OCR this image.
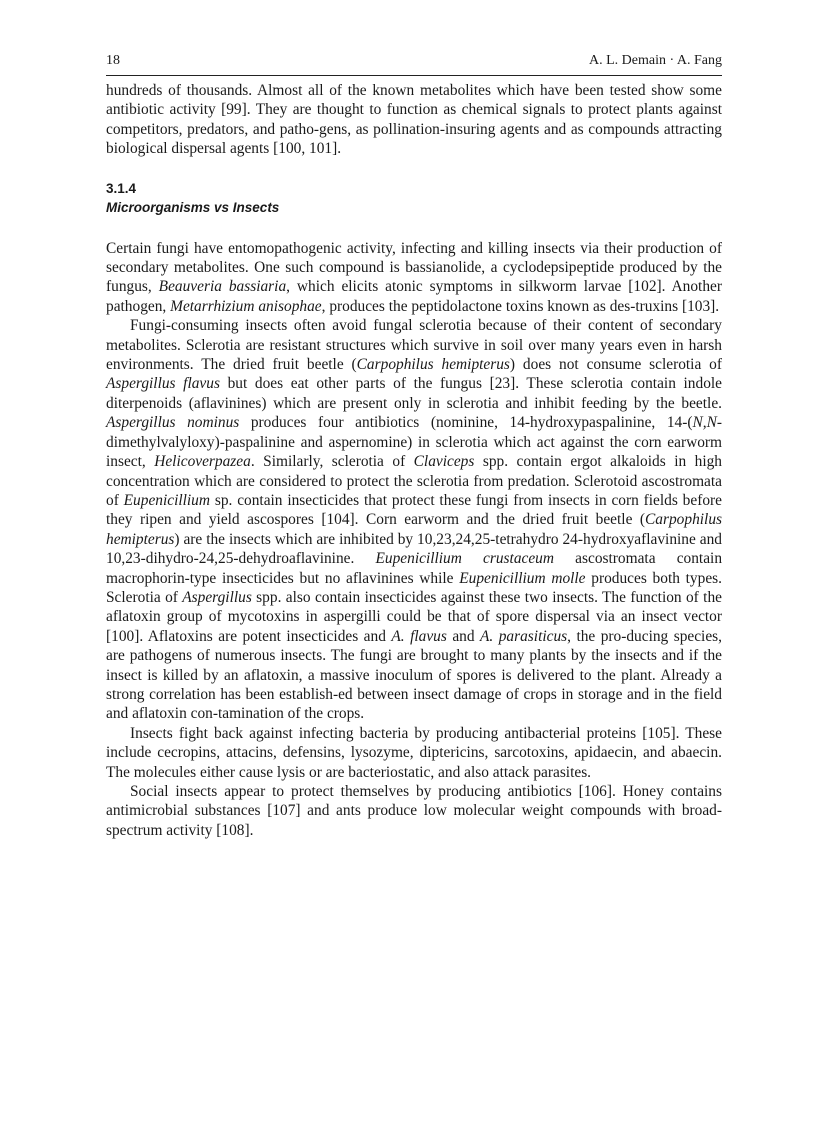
18	A. L. Demain · A. Fang

hundreds of thousands. Almost all of the known metabolites which have been tested show some antibiotic activity [99]. They are thought to function as chemical signals to protect plants against competitors, predators, and patho-gens, as pollination-insuring agents and as compounds attracting biological dispersal agents [100, 101].

3.1.4
Microorganisms vs Insects

Certain fungi have entomopathogenic activity, infecting and killing insects via their production of secondary metabolites. One such compound is bassianolide, a cyclodepsipeptide produced by the fungus, Beauveria bassiaria, which elicits atonic symptoms in silkworm larvae [102]. Another pathogen, Metarrhizium anisophae, produces the peptidolactone toxins known as des-truxins [103].

Fungi-consuming insects often avoid fungal sclerotia because of their content of secondary metabolites. Sclerotia are resistant structures which survive in soil over many years even in harsh environments. The dried fruit beetle (Carpophilus hemipterus) does not consume sclerotia of Aspergillus flavus but does eat other parts of the fungus [23]. These sclerotia contain indole diterpenoids (aflavinines) which are present only in sclerotia and inhibit feeding by the beetle. Aspergillus nominus produces four antibiotics (nominine, 14-hydroxypaspalinine, 14-(N,N-dimethylvalyloxy)-paspalinine and aspernomine) in sclerotia which act against the corn earworm insect, Helicoverpazea. Similarly, sclerotia of Claviceps spp. contain ergot alkaloids in high concentration which are considered to protect the sclerotia from predation. Sclerotoid ascostromata of Eupenicillium sp. contain insecticides that protect these fungi from insects in corn fields before they ripen and yield ascospores [104]. Corn earworm and the dried fruit beetle (Carpophilus hemipterus) are the insects which are inhibited by 10,23,24,25-tetrahydro 24-hydroxyaflavinine and 10,23-dihydro-24,25-dehydroaflavinine. Eupenicillium crustaceum ascostromata contain macrophorin-type insecticides but no aflavinines while Eupenicillium molle produces both types. Sclerotia of Aspergillus spp. also contain insecticides against these two insects. The function of the aflatoxin group of mycotoxins in aspergilli could be that of spore dispersal via an insect vector [100]. Aflatoxins are potent insecticides and A. flavus and A. parasiticus, the pro-ducing species, are pathogens of numerous insects. The fungi are brought to many plants by the insects and if the insect is killed by an aflatoxin, a massive inoculum of spores is delivered to the plant. Already a strong correlation has been establish-ed between insect damage of crops in storage and in the field and aflatoxin con-tamination of the crops.

Insects fight back against infecting bacteria by producing antibacterial proteins [105]. These include cecropins, attacins, defensins, lysozyme, diptericins, sarcotoxins, apidaecin, and abaecin. The molecules either cause lysis or are bacteriostatic, and also attack parasites.

Social insects appear to protect themselves by producing antibiotics [106]. Honey contains antimicrobial substances [107] and ants produce low molecular weight compounds with broad-spectrum activity [108].
